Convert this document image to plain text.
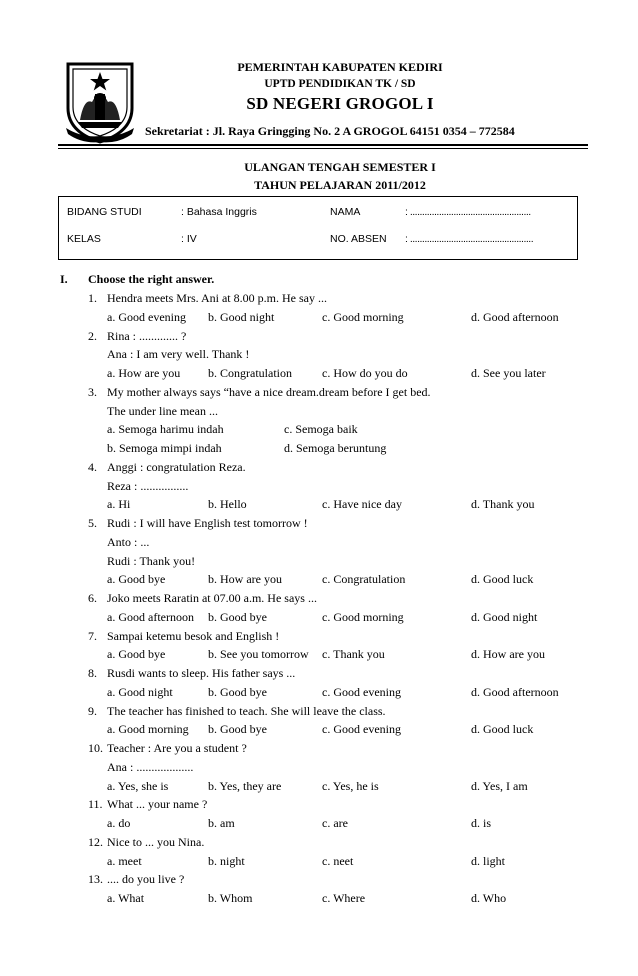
PEMERINTAH KABUPATEN KEDIRI
UPTD PENDIDIKAN TK / SD
SD NEGERI GROGOL I
Sekretariat : Jl. Raya Gringging No. 2 A GROGOL 64151 0354 – 772584
ULANGAN TENGAH SEMESTER I
TAHUN PELAJARAN 2011/2012
BIDANG STUDI	: Bahasa Inggris	NAMA	: ..................................................
KELAS	: IV	NO. ABSEN : ...................................................
I. Choose the right answer.
1. Hendra meets Mrs. Ani at 8.00 p.m. He say ...
a. Good evening b. Good night	c. Good morning	d. Good afternoon
2. Rina : ............. ?
Ana : I am very well. Thank !
a. How are you b. Congratulation	c. How do you do	d. See you later
3. My mother always says “have a nice dream.dream before I get bed.
The under line mean ...
a. Semoga harimu indah	c. Semoga baik
b. Semoga mimpi indah	d. Semoga beruntung
4. Anggi : congratulation Reza.
Reza : ................
a. Hi	b. Hello	c. Have nice day	d. Thank you
5. Rudi : I will have English test tomorrow !
Anto : ...
Rudi : Thank you!
a. Good bye	b. How are you	c. Congratulation	d. Good luck
6. Joko meets Raratin at 07.00 a.m. He says ...
a. Good afternoon b. Good bye	c. Good morning	d. Good night
7. Sampai ketemu besok and English !
a. Good bye	b. See you tomorrow c. Thank you	d. How are you
8. Rusdi wants to sleep. His father says ...
a. Good night	b. Good bye	c. Good evening	d. Good afternoon
9. The teacher has finished to teach. She will leave the class.
a. Good morning b. Good bye	c. Good evening	d. Good luck
10. Teacher : Are you a student ?
Ana : ...................
a. Yes, she is	b. Yes, they are	c. Yes, he is	d. Yes, I am
11. What ... your name ?
a. do	b. am	c. are	d. is
12. Nice to ... you Nina.
a. meet	b. night	c. neet	d. light
13. .... do you live ?
a. What	b. Whom	c. Where	d. Who
